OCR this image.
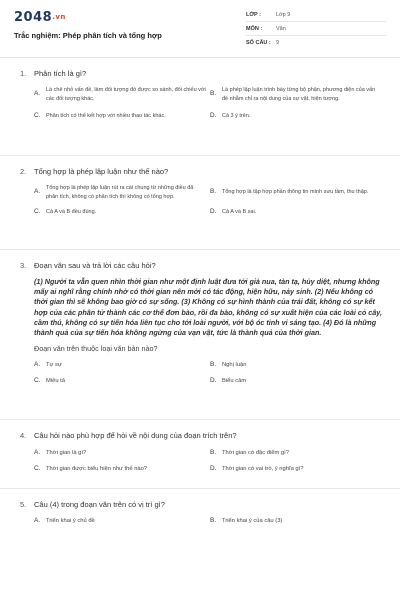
2048.vn
Trắc nghiệm: Phép phân tích và tổng hợp
LỚP :	Lớp 9
MÔN :	Văn
SỐ CÂU : 9
1.	Phân tích là gì?
A.
Là chẻ nhỏ vấn đề, làm đối tượng đó được so sánh, đối chiếu với các đối tượng khác.
B.
Là phép lập luận trình bày từng bộ phận, phương diện của vấn đề nhằm chỉ ra nội dung của sự vật, hiện tượng.
C.	Phân tích có thể kết hợp với nhiều thao tác khác.	D.	Cả 3 ý trên.
2.	Tổng hợp là phép lập luận như thế nào?
A.
Tổng hợp là phép lập luận rút ra cái chung từ những điều đã phân tích, không có phân tích thì không có tổng hợp.
B.	Tổng hợp là tập hợp phần thông tin mình sưu tầm, thu thập.
C.	Cả A và B đều đúng.	D.	Cả A và B sai.
3.	Đoạn văn sau và trả lời các câu hỏi?
(1) Người ta vẫn quen nhìn thời gian như một định luật đưa tới già nua, tàn tạ, hủy diệt, nhưng không mấy ai nghĩ rằng chính nhờ có thời gian nên mới có tác động, hiện hữu, nảy sinh. (2) Nếu không có thời gian thì sẽ không bao giờ có sự sống. (3) Không có sự hình thành của trái đất, không có sự kết hợp của các phân tử thành các cơ thể đơn bào, rồi đa bào, không có sự xuất hiện của các loài cỏ cây, cầm thú, không có sự tiến hóa liên tục cho tới loài người, với bộ óc tinh vi sáng tạo. (4) Đó là những thành quả của sự tiến hóa không ngừng của vạn vật, tức là thành quả của thời gian.
Đoạn văn trên thuộc loại văn bản nào?
A.	Tự sự	B.	Nghị luận
C. Miêu tả	D. Biểu cảm
4.	Câu hỏi nào phù hợp để hỏi về nội dung của đoạn trích trên?
A.	Thời gian là gì?	B.	Thời gian có đặc điểm gì?
C. Thời gian được biểu hiện như thế nào?	D. Thời gian có vai trò, ý nghĩa gì?
5.	Câu (4) trong đoạn văn trên có vị trí gì?
A.	Triển khai ý chủ đề	B.	Triển khai ý của câu (3)
